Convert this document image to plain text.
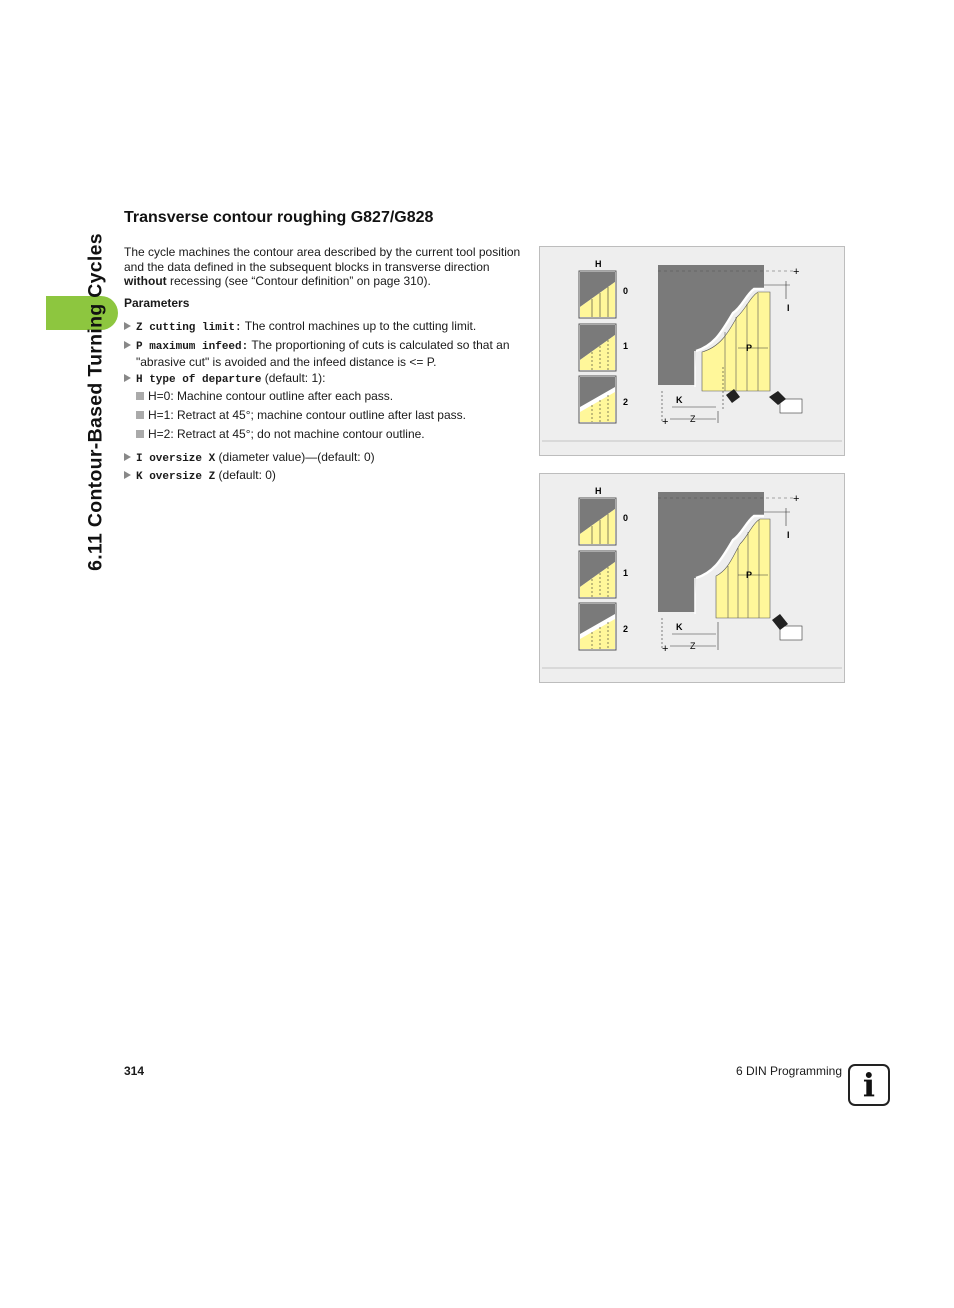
6.11 Contour-Based Turning Cycles
Transverse contour roughing G827/G828
The cycle machines the contour area described by the current tool position and the data defined in the subsequent blocks in transverse direction without recessing (see “Contour definition” on page 310).
Parameters
Z cutting limit: The control machines up to the cutting limit.
P maximum infeed: The proportioning of cuts is calculated so that an "abrasive cut" is avoided and the infeed distance is <= P.
H type of departure (default: 1):
H=0: Machine contour outline after each pass.
H=1: Retract at 45°; machine contour outline after last pass.
H=2: Retract at 45°; do not machine contour outline.
I oversize X (diameter value)—(default: 0)
K oversize Z (default: 0)
H
0
1
2
+
I
P
K
Z
+
H
0
1
2
+
I
P
K
Z
+
314	6 DIN Programming i
